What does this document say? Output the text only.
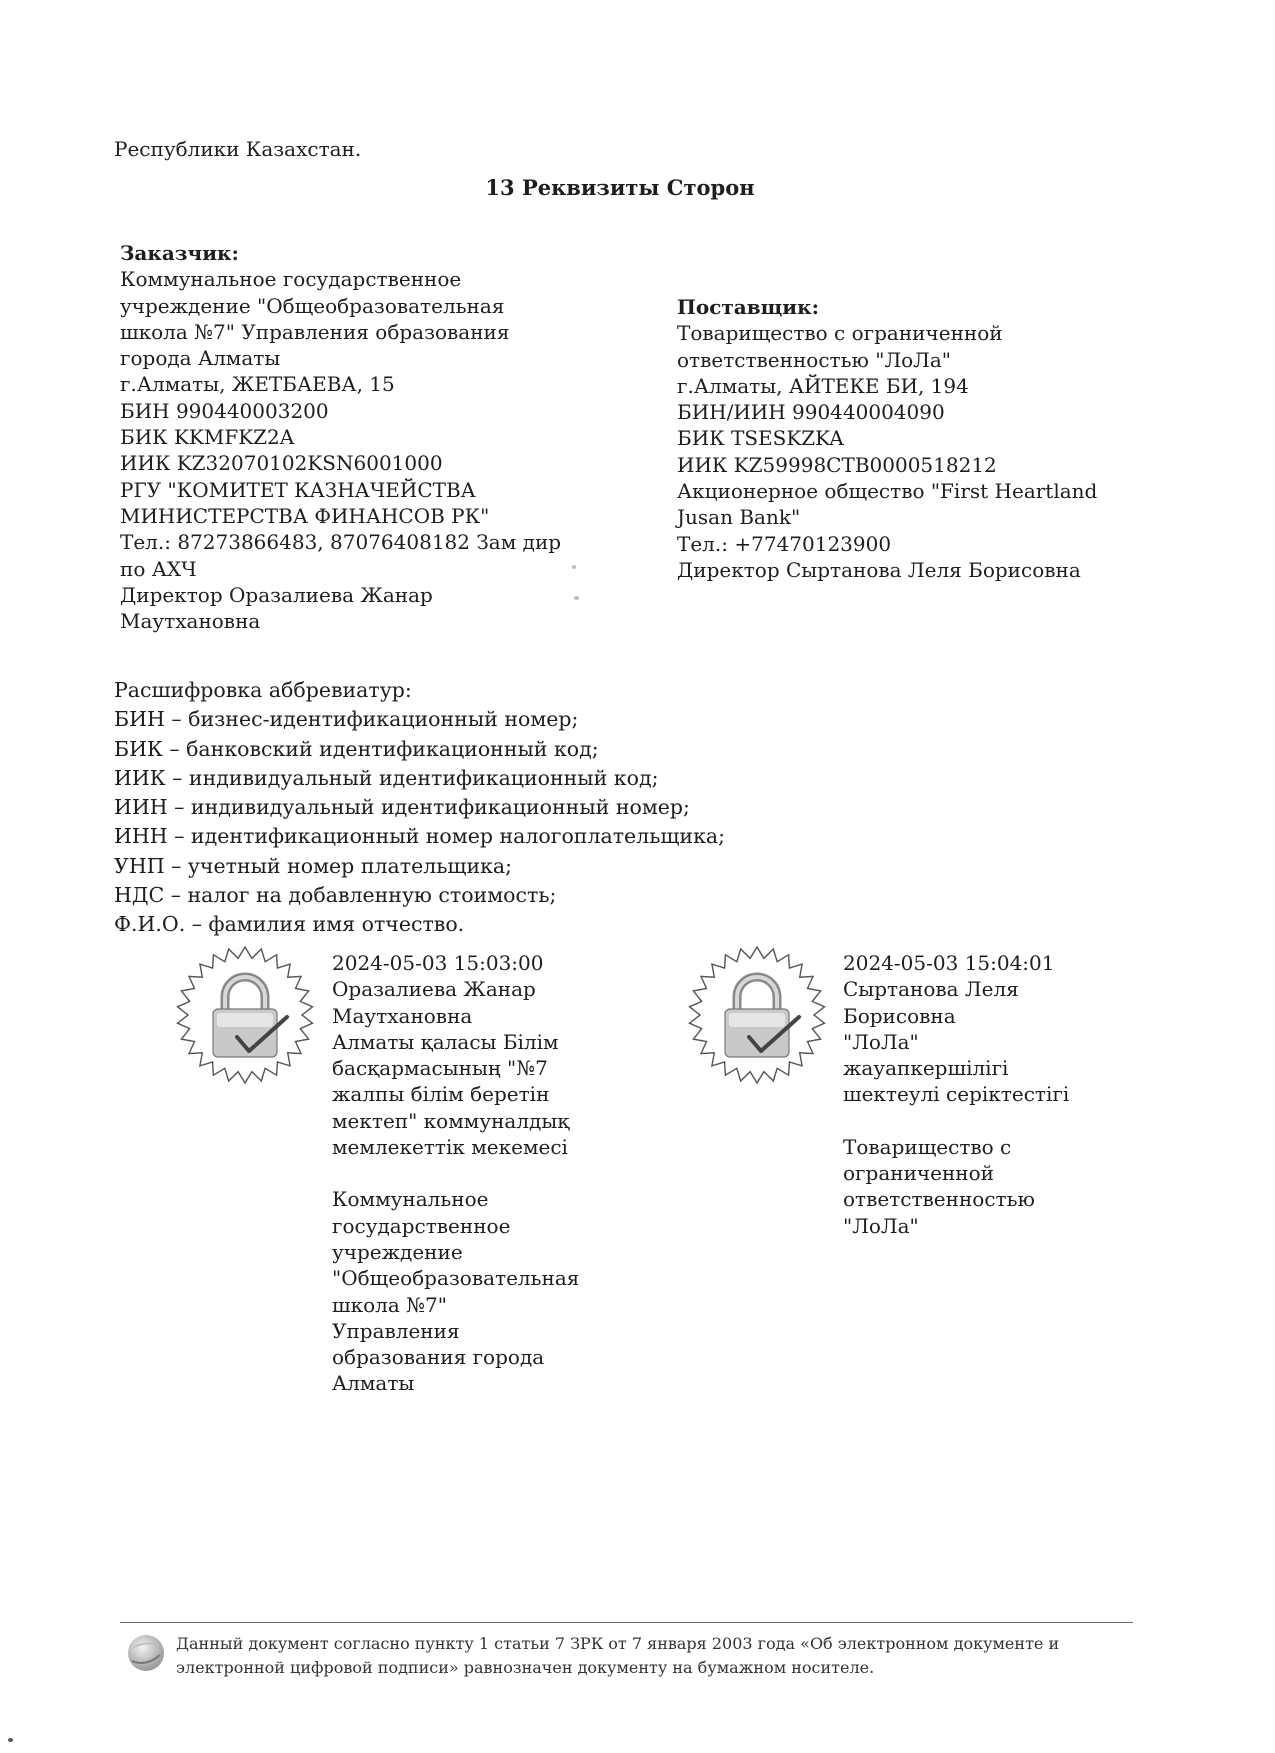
Республики Казахстан.
13 Реквизиты Сторон
Заказчик:
Коммунальное государственное
учреждение "Общеобразовательная
школа №7" Управления образования
города Алматы
г.Алматы, ЖЕТБАЕВА, 15
БИН 990440003200
БИК KKMFKZ2A
ИИК KZ32070102KSN6001000
РГУ "КОМИТЕТ КАЗНАЧЕЙСТВА
МИНИСТЕРСТВА ФИНАНСОВ РК"
Тел.: 87273866483, 87076408182 Зам дир
по АХЧ
Директор Оразалиева Жанар
Маутхановна
Поставщик:
Товарищество с ограниченной
ответственностью "ЛоЛа"
г.Алматы, АЙТЕКЕ БИ, 194
БИН/ИИН 990440004090
БИК TSESKZKA
ИИК KZ59998CTB0000518212
Акционерное общество "First Heartland
Jusan Bank"
Тел.: +77470123900
Директор Сыртанова Леля Борисовна
Расшифровка аббревиатур:
БИН – бизнес-идентификационный номер;
БИК – банковский идентификационный код;
ИИК – индивидуальный идентификационный код;
ИИН – индивидуальный идентификационный номер;
ИНН – идентификационный номер налогоплательщика;
УНП – учетный номер плательщика;
НДС – налог на добавленную стоимость;
Ф.И.О. – фамилия имя отчество.
2024-05-03 15:03:00
Оразалиева Жанар
Маутхановна
Алматы қаласы Білім
басқармасының "№7
жалпы білім беретін
мектеп" коммуналдық
мемлекеттік мекемесі
Коммунальное
государственное
учреждение
"Общеобразовательная
школа №7"
Управления
образования города
Алматы
2024-05-03 15:04:01
Сыртанова Леля
Борисовна
"ЛоЛа"
жауапкершілігі
шектеулі серіктестігі
Товарищество с
ограниченной
ответственностью
"ЛоЛа"
Данный документ согласно пункту 1 статьи 7 ЗРК от 7 января 2003 года «Об электронном документе и
электронной цифровой подписи» равнозначен документу на бумажном носителе.
